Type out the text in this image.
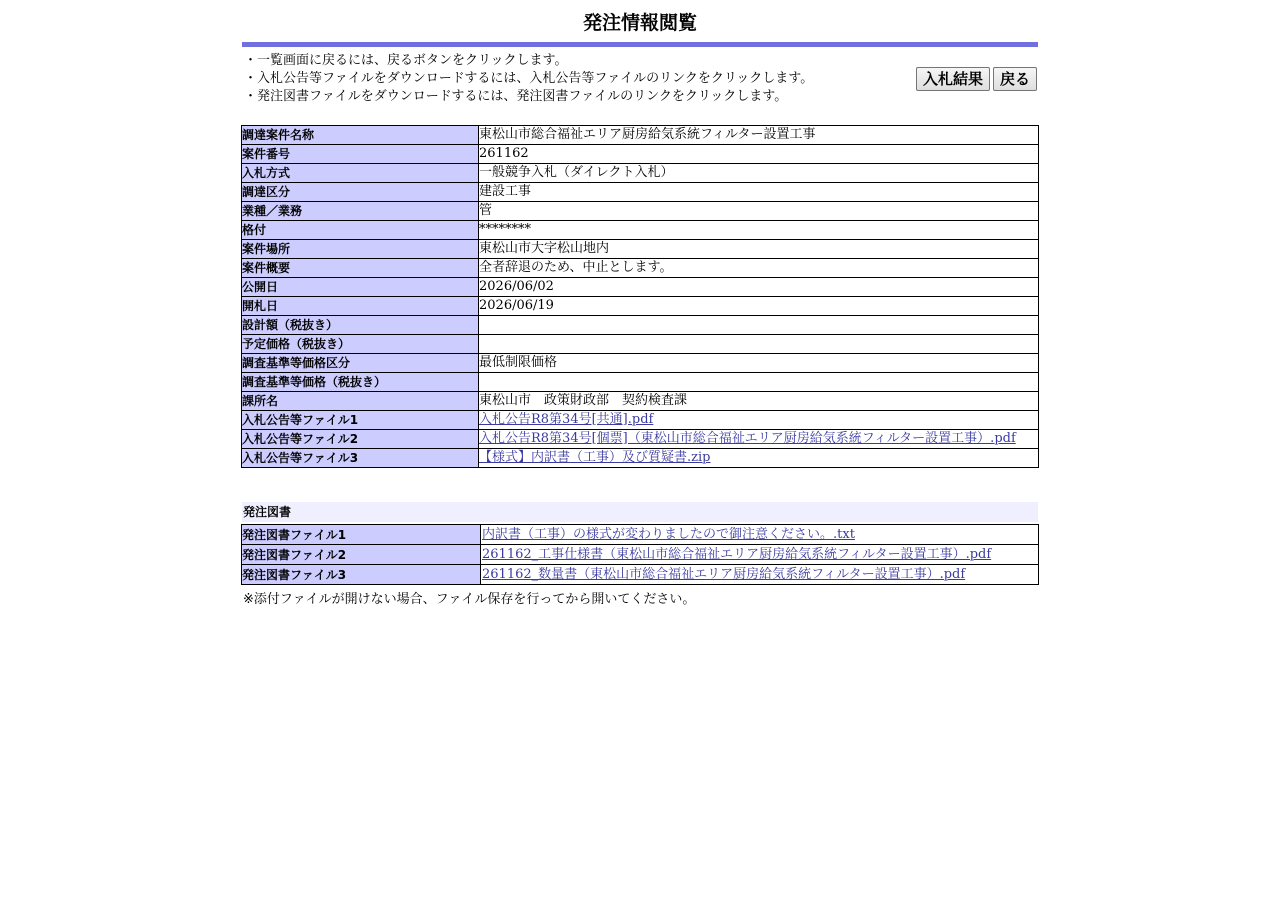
発注情報閲覧
・一覧画面に戻るには、戻るボタンをクリックします。
・入札公告等ファイルをダウンロードするには、入札公告等ファイルのリンクをクリックします。
・発注図書ファイルをダウンロードするには、発注図書ファイルのリンクをクリックします。
入札結果	戻る
調達案件名称	東松山市総合福祉エリア厨房給気系統フィルター設置工事
案件番号	261162
入札方式	一般競争入札（ダイレクト入札）
調達区分	建設工事
業種／業務	管
格付	********
案件場所	東松山市大字松山地内
案件概要	全者辞退のため、中止とします。
公開日	2026/06/02
開札日	2026/06/19
設計額（税抜き）	
予定価格（税抜き）	
調査基準等価格区分	最低制限価格
調査基準等価格（税抜き）	
課所名	東松山市　政策財政部　契約検査課
入札公告等ファイル1	入札公告R8第34号[共通].pdf
入札公告等ファイル2	入札公告R8第34号[個票]（東松山市総合福祉エリア厨房給気系統フィルター設置工事）.pdf
入札公告等ファイル3	【様式】内訳書（工事）及び質疑書.zip
発注図書
発注図書ファイル1	内訳書（工事）の様式が変わりましたので御注意ください。.txt
発注図書ファイル2	261162_工事仕様書（東松山市総合福祉エリア厨房給気系統フィルター設置工事）.pdf
発注図書ファイル3	261162_数量書（東松山市総合福祉エリア厨房給気系統フィルター設置工事）.pdf
※添付ファイルが開けない場合、ファイル保存を行ってから開いてください。
